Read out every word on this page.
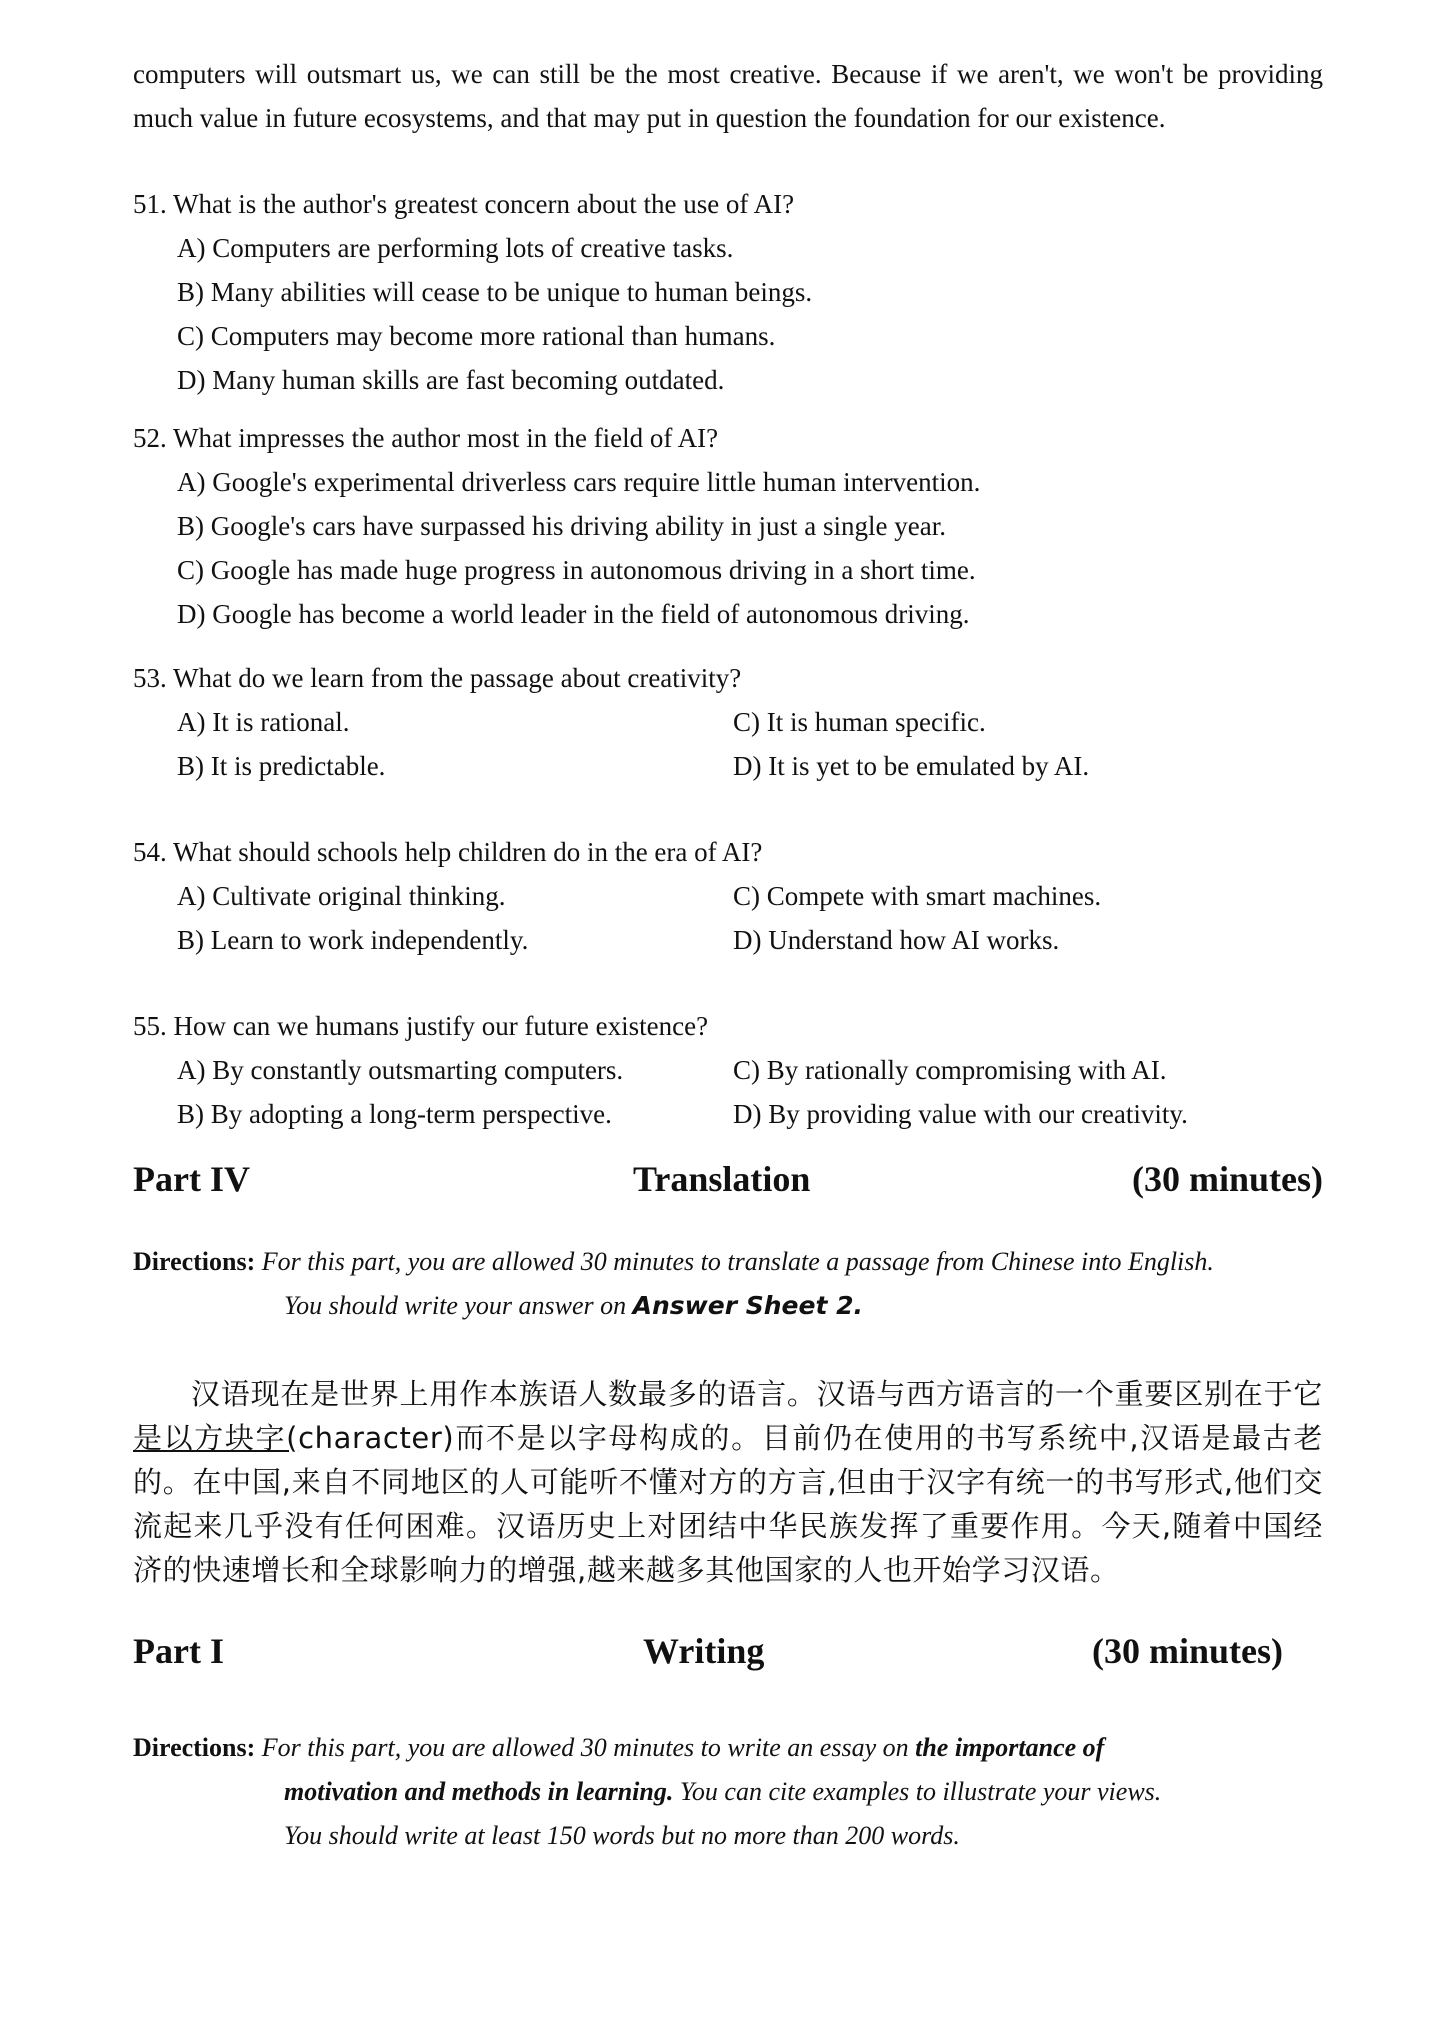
computers will outsmart us, we can still be the most creative. Because if we aren't, we won't be providing much value in future ecosystems, and that may put in question the foundation for our existence.

51. What is the author's greatest concern about the use of AI?
A) Computers are performing lots of creative tasks.
B) Many abilities will cease to be unique to human beings.
C) Computers may become more rational than humans.
D) Many human skills are fast becoming outdated.
52. What impresses the author most in the field of AI?
A) Google's experimental driverless cars require little human intervention.
B) Google's cars have surpassed his driving ability in just a single year.
C) Google has made huge progress in autonomous driving in a short time.
D) Google has become a world leader in the field of autonomous driving.
53. What do we learn from the passage about creativity?
A) It is rational.	C) It is human specific.
B) It is predictable.	D) It is yet to be emulated by AI.
54. What should schools help children do in the era of AI?
A) Cultivate original thinking.	C) Compete with smart machines.
B) Learn to work independently.	D) Understand how AI works.
55. How can we humans justify our future existence?
A) By constantly outsmarting computers.	C) By rationally compromising with AI.
B) By adopting a long-term perspective.	D) By providing value with our creativity.
Part IV	Translation	(30 minutes)
Directions: For this part, you are allowed 30 minutes to translate a passage from Chinese into English.
You should write your answer on Answer Sheet 2.

汉语现在是世界上用作本族语人数最多的语言。汉语与西方语言的一个重要区别在于它是以方块字(character)而不是以字母构成的。目前仍在使用的书写系统中,汉语是最古老的。在中国,来自不同地区的人可能听不懂对方的方言,但由于汉字有统一的书写形式,他们交流起来几乎没有任何困难。汉语历史上对团结中华民族发挥了重要作用。今天,随着中国经济的快速增长和全球影响力的增强,越来越多其他国家的人也开始学习汉语。

Part I	Writing	(30 minutes)
Directions: For this part, you are allowed 30 minutes to write an essay on the importance of
motivation and methods in learning. You can cite examples to illustrate your views.
You should write at least 150 words but no more than 200 words.
